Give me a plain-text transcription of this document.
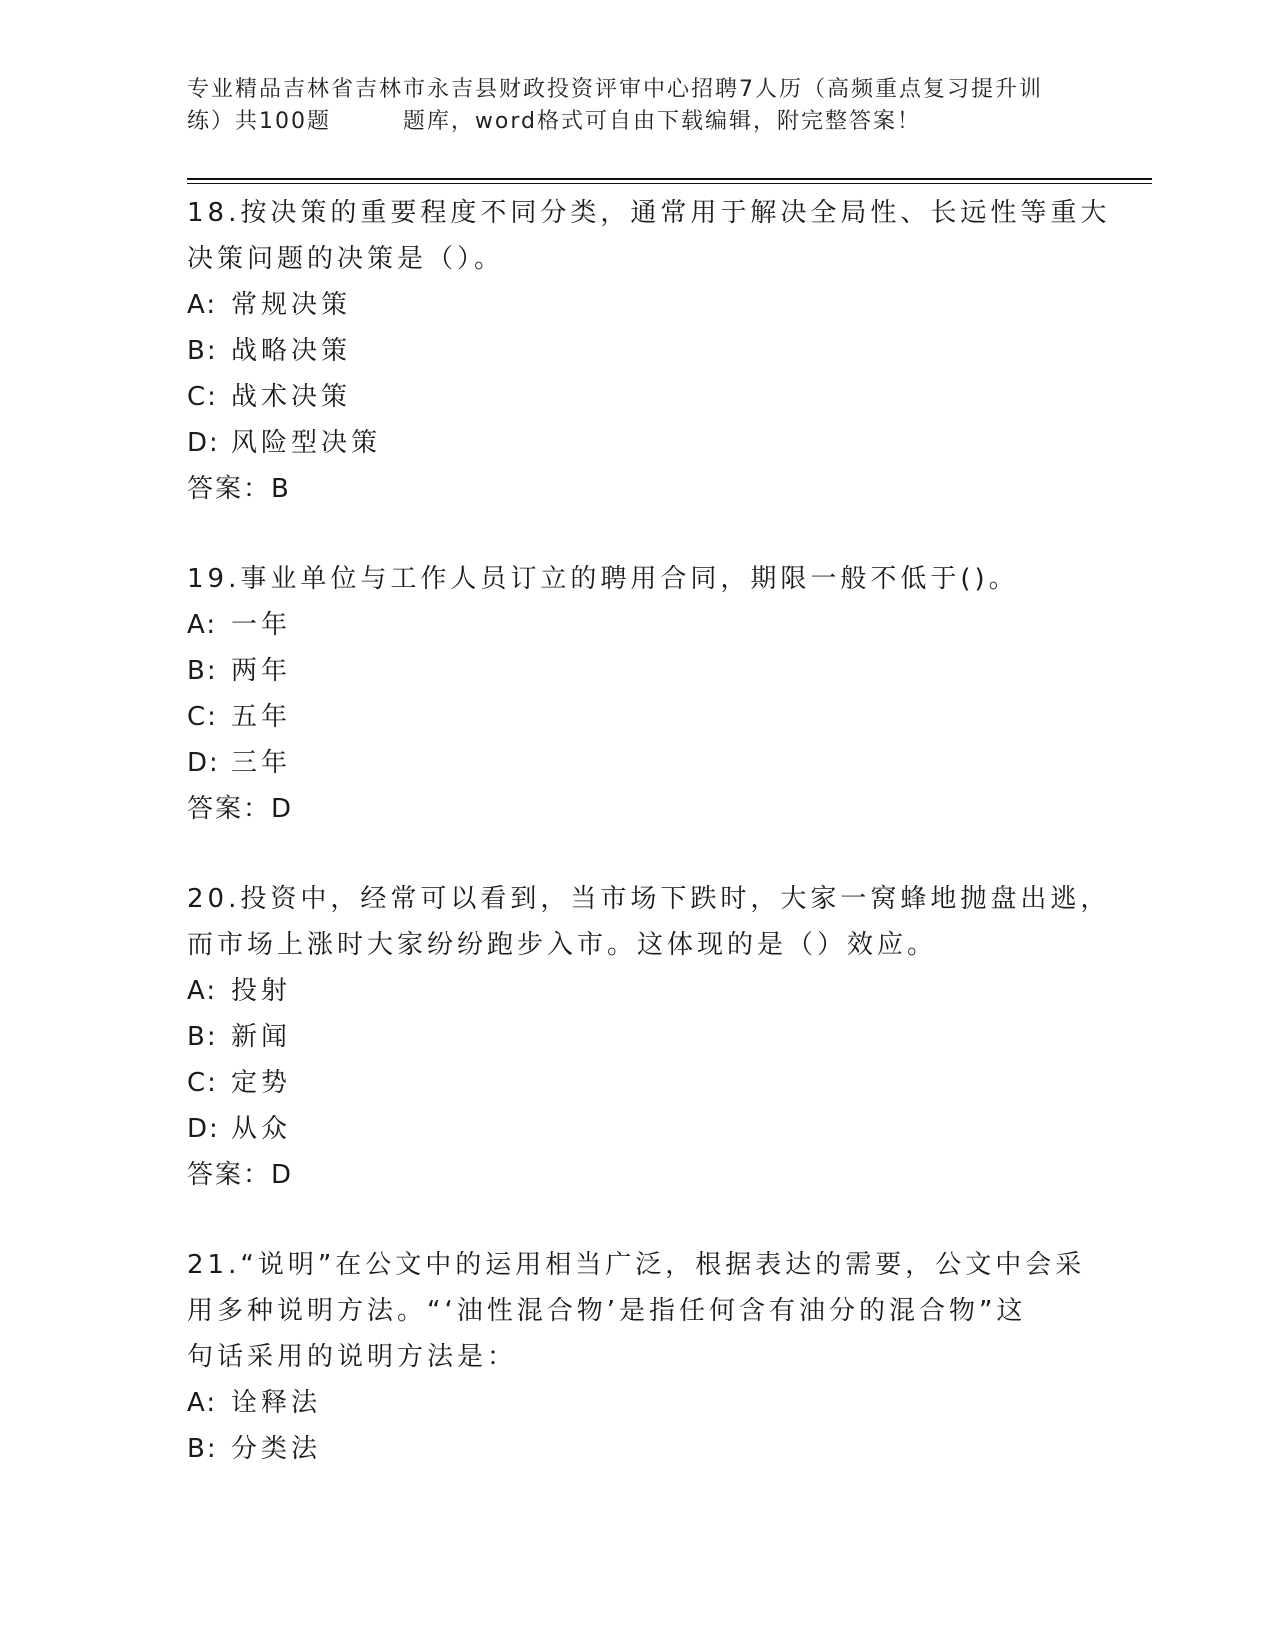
专业精品吉林省吉林市永吉县财政投资评审中心招聘7人历（高频重点复习提升训
练）共100题        题库，word格式可自由下载编辑，附完整答案！
18.按决策的重要程度不同分类，通常用于解决全局性、长远性等重大
决策问题的决策是（）。
A: 常规决策
B: 战略决策
C: 战术决策
D: 风险型决策
答案：B
19.事业单位与工作人员订立的聘用合同，期限一般不低于()。
A: 一年
B: 两年
C: 五年
D: 三年
答案：D
20.投资中，经常可以看到，当市场下跌时，大家一窝蜂地抛盘出逃，
而市场上涨时大家纷纷跑步入市。这体现的是（）效应。
A: 投射
B: 新闻
C: 定势
D: 从众
答案：D
21.“说明”在公文中的运用相当广泛，根据表达的需要，公文中会采
用多种说明方法。“‘油性混合物’是指任何含有油分的混合物”这
句话采用的说明方法是：
A: 诠释法
B: 分类法
